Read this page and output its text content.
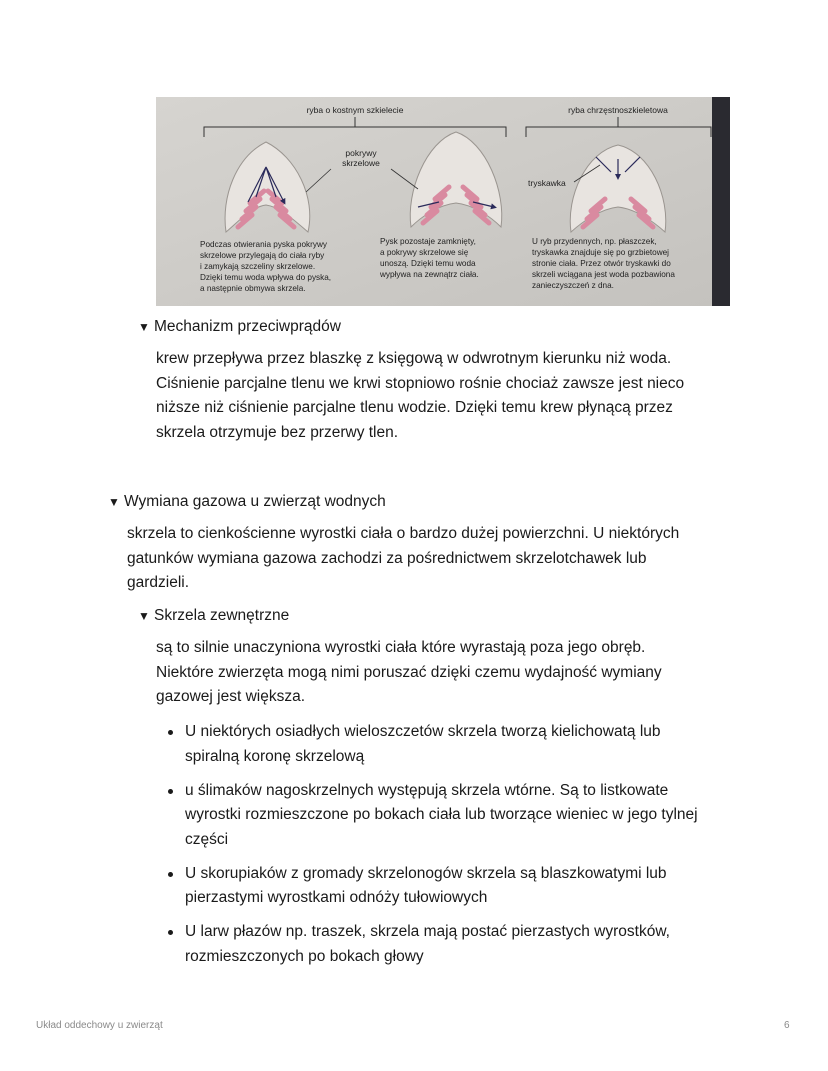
ryba o kostnym szkielecie	ryba chrzęstnoszkieletowa
pokrywy
skrzelowe
tryskawka
Podczas otwierania pyska pokrywy
skrzelowe przylegają do ciała ryby
i zamykają szczeliny skrzelowe.
Dzięki temu woda wpływa do pyska,
a następnie obmywa skrzela.
Pysk pozostaje zamknięty,
a pokrywy skrzelowe się
unoszą. Dzięki temu woda
wypływa na zewnątrz ciała.
U ryb przydennych, np. płaszczek,
tryskawka znajduje się po grzbietowej
stronie ciała. Przez otwór tryskawki do
skrzeli wciągana jest woda pozbawiona
zanieczyszczeń z dna.
▼ Mechanizm przeciwprądów
krew przepływa przez blaszkę z księgową w odwrotnym kierunku niż woda.
Ciśnienie parcjalne tlenu we krwi stopniowo rośnie chociaż zawsze jest nieco
niższe niż ciśnienie parcjalne tlenu wodzie. Dzięki temu krew płynącą przez
skrzela otrzymuje bez przerwy tlen.
▼ Wymiana gazowa u zwierząt wodnych
skrzela to cienkościenne wyrostki ciała o bardzo dużej powierzchni. U niektórych
gatunków wymiana gazowa zachodzi za pośrednictwem skrzelotchawek lub
gardzieli.
▼ Skrzela zewnętrzne
są to silnie unaczyniona wyrostki ciała które wyrastają poza jego obręb.
Niektóre zwierzęta mogą nimi poruszać dzięki czemu wydajność wymiany
gazowej jest większa.
U niektórych osiadłych wieloszczetów skrzela tworzą kielichowatą lub
spiralną koronę skrzelową
u ślimaków nagoskrzelnych występują skrzela wtórne. Są to listkowate
wyrostki rozmieszczone po bokach ciała lub tworzące wieniec w jego tylnej
części
U skorupiaków z gromady skrzelonogów skrzela są blaszkowatymi lub
pierzastymi wyrostkami odnóży tułowiowych
U larw płazów np. traszek, skrzela mają postać pierzastych wyrostków,
rozmieszczonych po bokach głowy
Układ oddechowy u zwierząt	6
